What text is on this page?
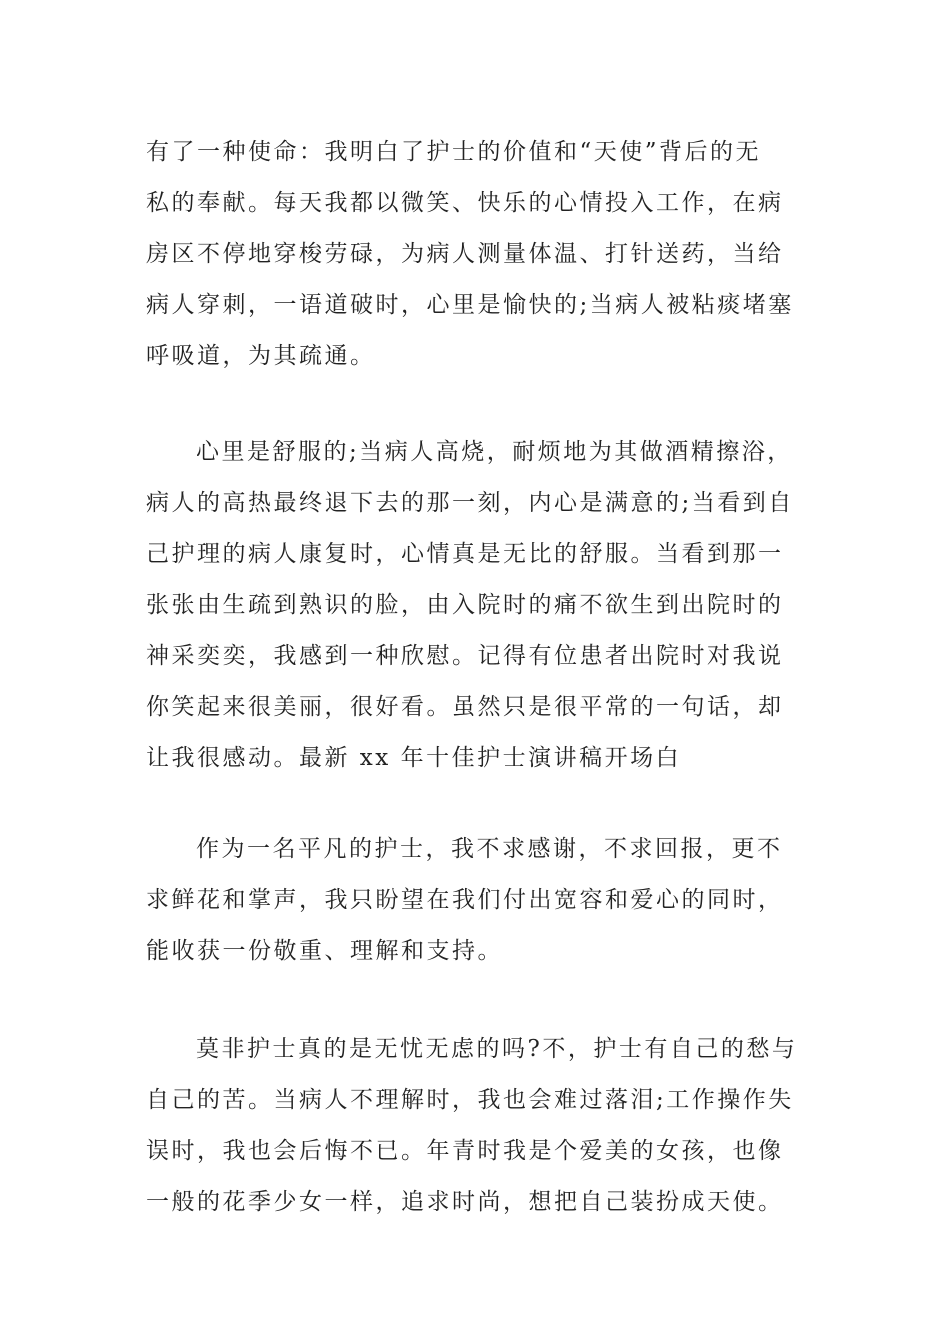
有了一种使命：我明白了护士的价值和“天使”背后的无
私的奉献。每天我都以微笑、快乐的心情投入工作，在病
房区不停地穿梭劳碌，为病人测量体温、打针送药，当给
病人穿刺，一语道破时，心里是愉快的;当病人被粘痰堵塞
呼吸道，为其疏通。
心里是舒服的;当病人高烧，耐烦地为其做酒精擦浴，
病人的高热最终退下去的那一刻，内心是满意的;当看到自
己护理的病人康复时，心情真是无比的舒服。当看到那一
张张由生疏到熟识的脸，由入院时的痛不欲生到出院时的
神采奕奕，我感到一种欣慰。记得有位患者出院时对我说
你笑起来很美丽，很好看。虽然只是很平常的一句话，却
让我很感动。最新 xx 年十佳护士演讲稿开场白
作为一名平凡的护士，我不求感谢，不求回报，更不
求鲜花和掌声，我只盼望在我们付出宽容和爱心的同时，
能收获一份敬重、理解和支持。
莫非护士真的是无忧无虑的吗?不，护士有自己的愁与
自己的苦。当病人不理解时，我也会难过落泪;工作操作失
误时，我也会后悔不已。年青时我是个爱美的女孩，也像
一般的花季少女一样，追求时尚，想把自己装扮成天使。
